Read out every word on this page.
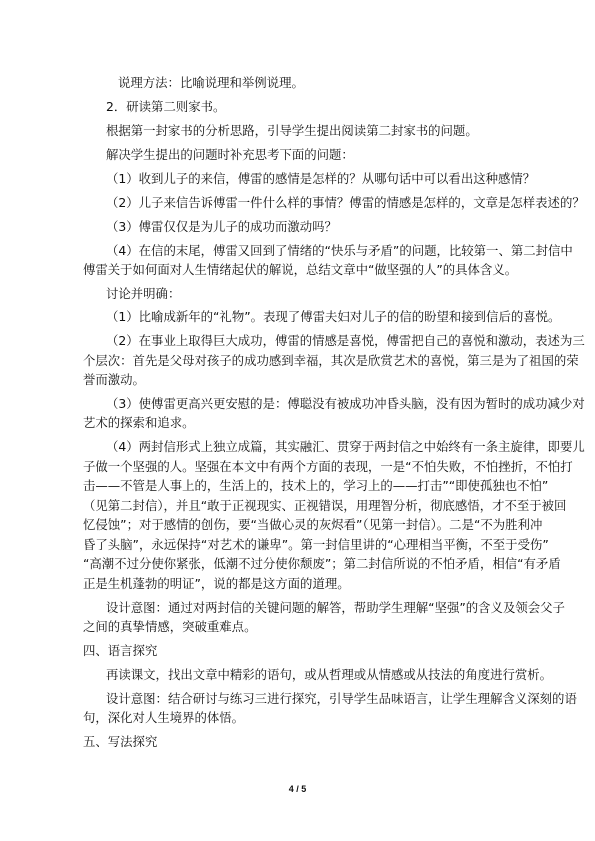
说理方法：比喻说理和举例说理。
2．研读第二则家书。
根据第一封家书的分析思路，引导学生提出阅读第二封家书的问题。
解决学生提出的问题时补充思考下面的问题：
（1）收到儿子的来信，傅雷的感情是怎样的？从哪句话中可以看出这种感情？
（2）儿子来信告诉傅雷一件什么样的事情？傅雷的情感是怎样的，文章是怎样表述的？
（3）傅雷仅仅是为儿子的成功而激动吗？
（4）在信的末尾，傅雷又回到了情绪的“快乐与矛盾”的问题，比较第一、第二封信中
傅雷关于如何面对人生情绪起伏的解说，总结文章中“做坚强的人”的具体含义。
讨论并明确：
（1）比喻成新年的“礼物”。表现了傅雷夫妇对儿子的信的盼望和接到信后的喜悦。
（2）在事业上取得巨大成功，傅雷的情感是喜悦，傅雷把自己的喜悦和激动，表述为三
个层次：首先是父母对孩子的成功感到幸福，其次是欣赏艺术的喜悦，第三是为了祖国的荣
誉而激动。
（3）使傅雷更高兴更安慰的是：傅聪没有被成功冲昏头脑，没有因为暂时的成功减少对
艺术的探索和追求。
（4）两封信形式上独立成篇，其实融汇、贯穿于两封信之中始终有一条主旋律，即要儿
子做一个坚强的人。坚强在本文中有两个方面的表现，一是“不怕失败，不怕挫折，不怕打
击——不管是人事上的，生活上的，技术上的，学习上的——打击”“即使孤独也不怕”
（见第二封信），并且“敢于正视现实、正视错误，用理智分析，彻底感悟，才不至于被回
忆侵蚀”；对于感情的创伤，要“当做心灵的灰烬看”（见第一封信）。二是“不为胜利冲
昏了头脑”，永远保持“对艺术的谦卑”。第一封信里讲的“心理相当平衡，不至于受伤”
“高潮不过分使你紧张，低潮不过分使你颓废”；第二封信所说的不怕矛盾，相信“有矛盾
正是生机蓬勃的明证”，说的都是这方面的道理。
设计意图：通过对两封信的关键问题的解答，帮助学生理解“坚强”的含义及领会父子
之间的真挚情感，突破重难点。
四、语言探究
再读课文，找出文章中精彩的语句，或从哲理或从情感或从技法的角度进行赏析。
设计意图：结合研讨与练习三进行探究，引导学生品味语言，让学生理解含义深刻的语
句，深化对人生境界的体悟。
五、写法探究
4 / 5
